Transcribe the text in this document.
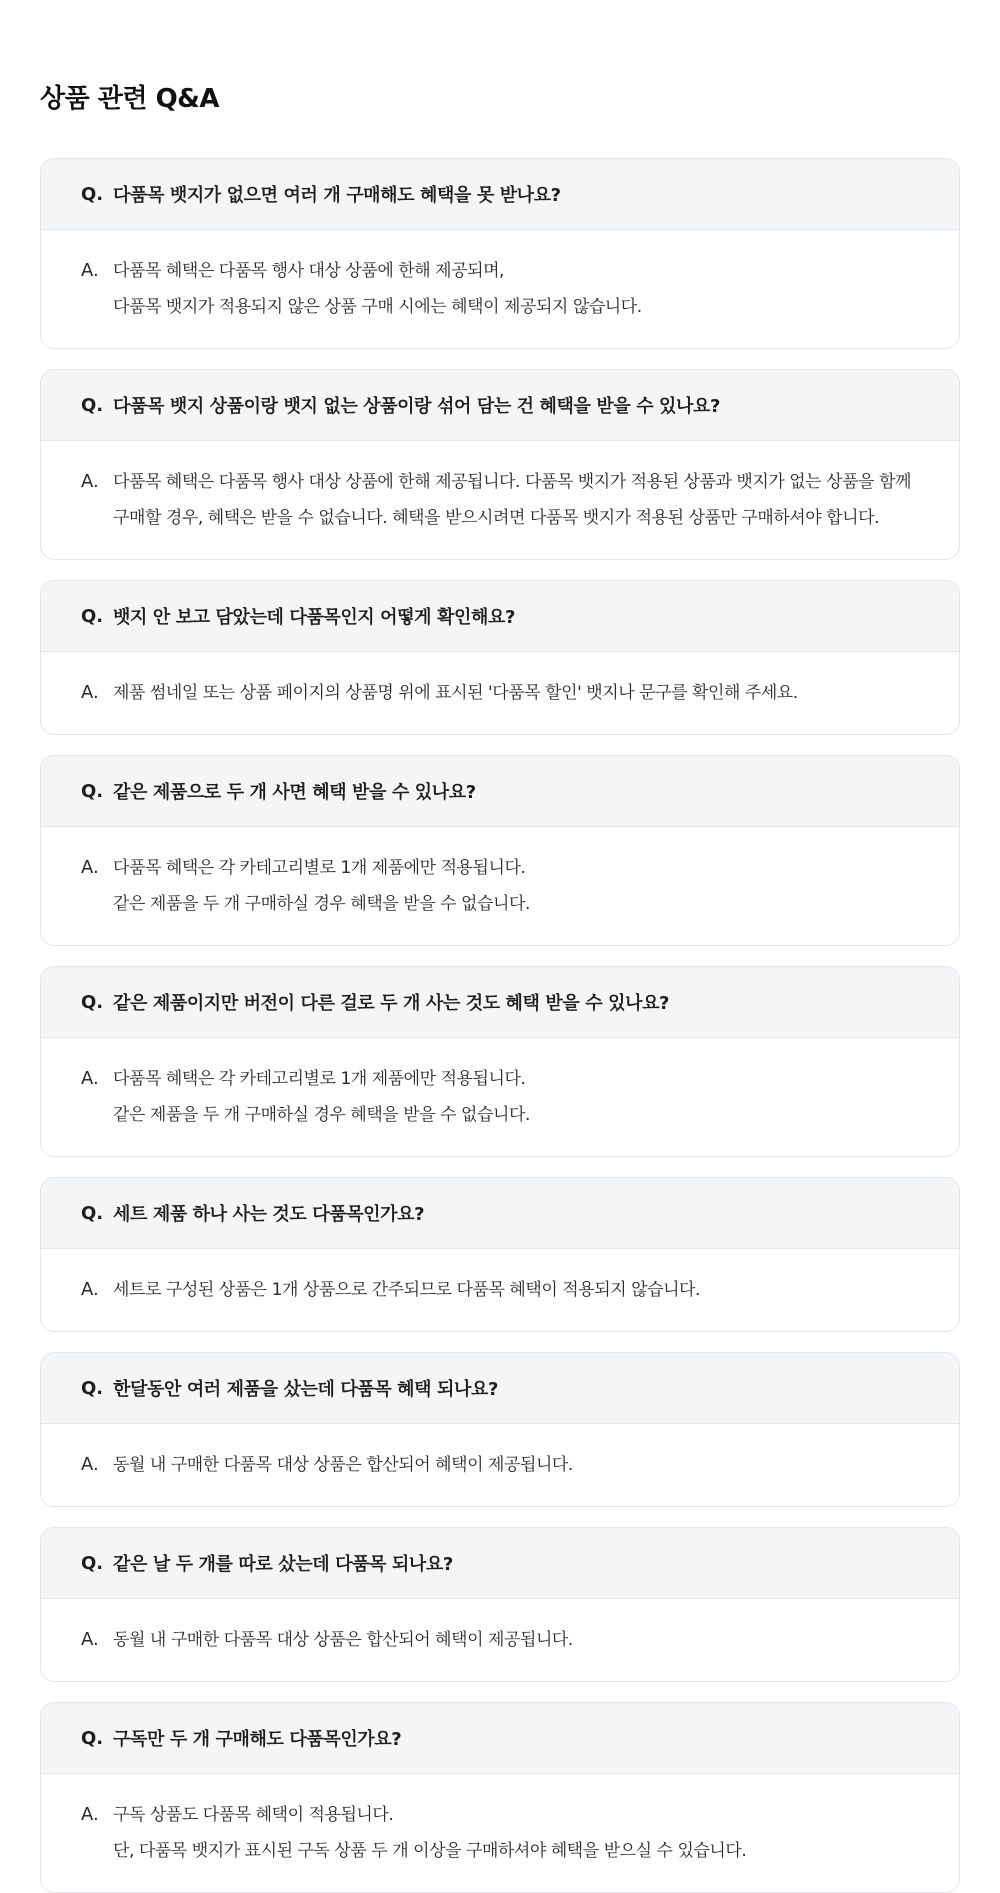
상품 관련 Q&A
Q. 다품목 뱃지가 없으면 여러 개 구매해도 혜택을 못 받나요?
A. 다품목 혜택은 다품목 행사 대상 상품에 한해 제공되며,
다품목 뱃지가 적용되지 않은 상품 구매 시에는 혜택이 제공되지 않습니다.
Q. 다품목 뱃지 상품이랑 뱃지 없는 상품이랑 섞어 담는 건 혜택을 받을 수 있나요?
A. 다품목 혜택은 다품목 행사 대상 상품에 한해 제공됩니다. 다품목 뱃지가 적용된 상품과 뱃지가 없는 상품을 함께
구매할 경우, 혜택은 받을 수 없습니다. 혜택을 받으시려면 다품목 뱃지가 적용된 상품만 구매하셔야 합니다.
Q. 뱃지 안 보고 담았는데 다품목인지 어떻게 확인해요?
A. 제품 썸네일 또는 상품 페이지의 상품명 위에 표시된 '다품목 할인' 뱃지나 문구를 확인해 주세요.
Q. 같은 제품으로 두 개 사면 혜택 받을 수 있나요?
A. 다품목 혜택은 각 카테고리별로 1개 제품에만 적용됩니다.
같은 제품을 두 개 구매하실 경우 혜택을 받을 수 없습니다.
Q. 같은 제품이지만 버전이 다른 걸로 두 개 사는 것도 혜택 받을 수 있나요?
A. 다품목 혜택은 각 카테고리별로 1개 제품에만 적용됩니다.
같은 제품을 두 개 구매하실 경우 혜택을 받을 수 없습니다.
Q. 세트 제품 하나 사는 것도 다품목인가요?
A. 세트로 구성된 상품은 1개 상품으로 간주되므로 다품목 혜택이 적용되지 않습니다.
Q. 한달동안 여러 제품을 샀는데 다품목 혜택 되나요?
A. 동월 내 구매한 다품목 대상 상품은 합산되어 혜택이 제공됩니다.
Q. 같은 날 두 개를 따로 샀는데 다품목 되나요?
A. 동월 내 구매한 다품목 대상 상품은 합산되어 혜택이 제공됩니다.
Q. 구독만 두 개 구매해도 다품목인가요?
A. 구독 상품도 다품목 혜택이 적용됩니다.
단, 다품목 뱃지가 표시된 구독 상품 두 개 이상을 구매하셔야 혜택을 받으실 수 있습니다.
